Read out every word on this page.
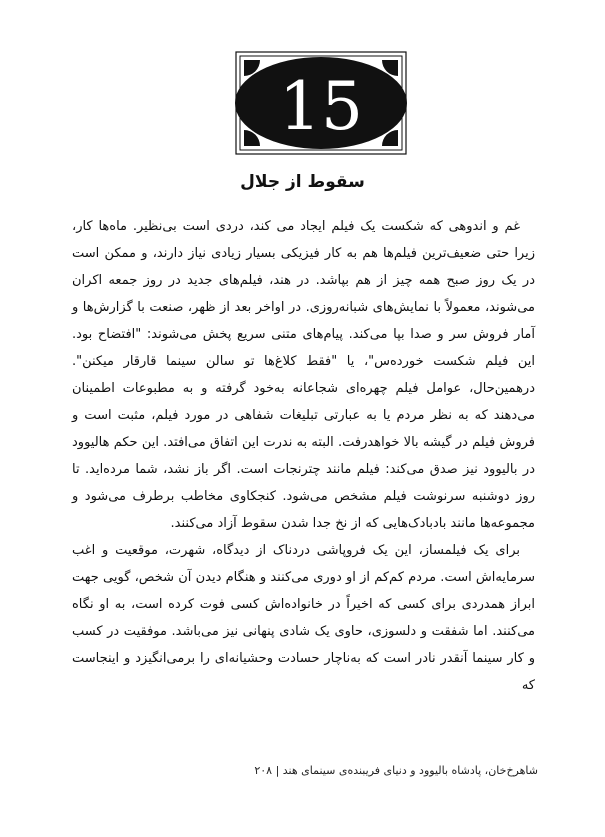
15
سقوط از جلال

غم و اندوهی که شکست یک فیلم ایجاد می کند، دردی است بی‌نظیر. ماه‌ها کار، زیرا حتی ضعیف‌ترین فیلم‌ها هم به کار فیزیکی بسیار زیادی نیاز دارند، و ممکن است در یک روز صبح همه چیز از هم بپاشد. در هند، فیلم‌های جدید در روز جمعه اکران می‌شوند، معمولاً با نمایش‌های شبانه‌روزی. در اواخر بعد از ظهر، صنعت با گزارش‌ها و آمار فروش سر و صدا بپا می‌کند. پیام‌های متنی سریع پخش می‌شوند: "افتضاح بود. این فیلم شکست خورده‌س"، یا "فقط کلاغ‌ها تو سالن سینما قارقار میکنن". درهمین‌حال، عوامل فیلم چهره‌ای شجاعانه به‌خود گرفته و به مطبوعات اطمینان می‌دهند که به نظر مردم یا به عبارتی تبلیغات شفاهی در مورد فیلم، مثبت است و فروش فیلم در گیشه بالا خواهدرفت. البته به ندرت این اتفاق می‌افتد. این حکم هالیوود در بالیوود نیز صدق می‌کند: فیلم مانند چترنجات است. اگر باز نشد، شما مرده‌اید. تا روز دوشنبه سرنوشت فیلم مشخص می‌شود. کنجکاوی مخاطب برطرف می‌شود و مجموعه‌ها مانند بادبادک‌هایی که از نخ جدا شدن سقوط آزاد می‌کنند.

برای یک فیلمساز، این یک فروپاشی دردناک از دیدگاه، شهرت، موقعیت و اغب سرمایه‌اش است. مردم کم‌کم از او دوری می‌کنند و هنگام دیدن آن شخص، گویی جهت ابراز همدردی برای کسی که اخیراً در خانواده‌اش کسی فوت کرده است، به او نگاه می‌کنند. اما شفقت و دلسوزی، حاوی یک شادی پنهانی نیز می‌باشد. موفقیت در کسب و کار سینما آنقدر نادر است که به‌ناچار حسادت وحشیانه‌ای را برمی‌انگیزد و اینجاست که

شاهرخ‌خان، پادشاه بالیوود و دنیای فریبنده‌ی سینمای هند | ۲۰۸
